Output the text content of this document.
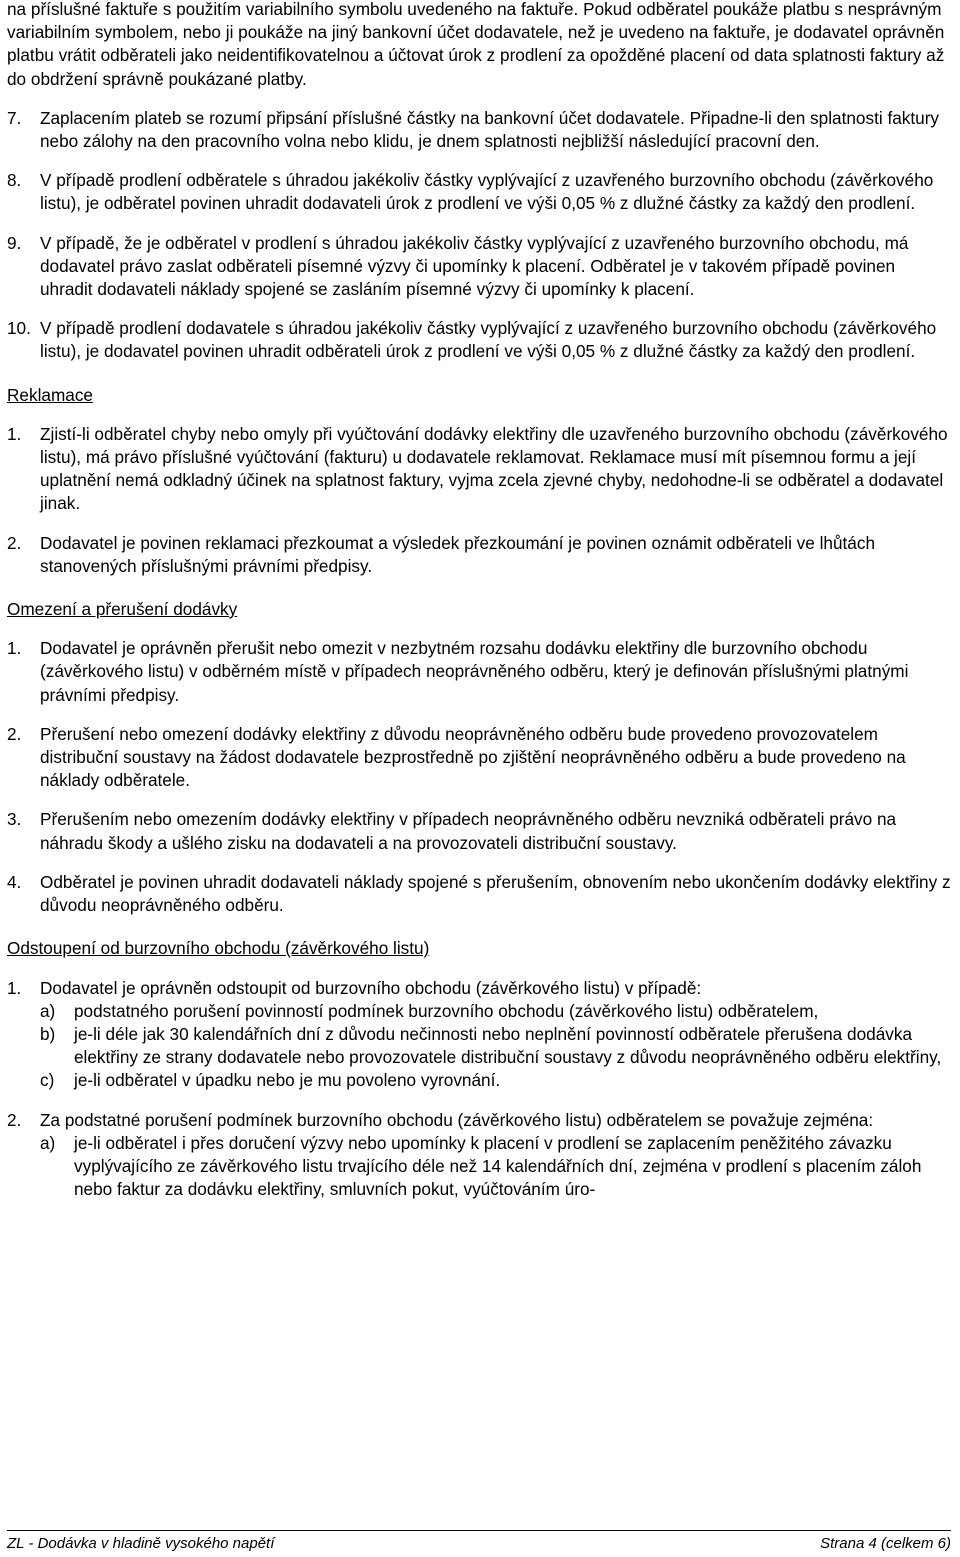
na příslušné faktuře s použitím variabilního symbolu uvedeného na faktuře. Pokud odběratel poukáže platbu s nesprávným variabilním symbolem, nebo ji poukáže na jiný bankovní účet dodavatele, než je uvedeno na faktuře, je dodavatel oprávněn platbu vrátit odběrateli jako neidentifikovatelnou a účtovat úrok z prodlení za opožděné placení od data splatnosti faktury až do obdržení správně poukázané platby.

7.	Zaplacením plateb se rozumí připsání příslušné částky na bankovní účet dodavatele. Připadne-li den splatnosti faktury nebo zálohy na den pracovního volna nebo klidu, je dnem splatnosti nejbližší následující pracovní den.
8.	V případě prodlení odběratele s úhradou jakékoliv částky vyplývající z uzavřeného burzovního obchodu (závěrkového listu), je odběratel povinen uhradit dodavateli úrok z prodlení ve výši 0,05 % z dlužné částky za každý den prodlení.
9.	V případě, že je odběratel v prodlení s úhradou jakékoliv částky vyplývající z uzavřeného burzovního obchodu, má dodavatel právo zaslat odběrateli písemné výzvy či upomínky k placení. Odběratel je v takovém případě povinen uhradit dodavateli náklady spojené se zasláním písemné výzvy či upomínky k placení.
10. V případě prodlení dodavatele s úhradou jakékoliv částky vyplývající z uzavřeného burzovního obchodu (závěrkového listu), je dodavatel povinen uhradit odběrateli úrok z prodlení ve výši 0,05 % z dlužné částky za každý den prodlení.
Reklamace
1.	Zjistí-li odběratel chyby nebo omyly při vyúčtování dodávky elektřiny dle uzavřeného burzovního obchodu (závěrkového listu), má právo příslušné vyúčtování (fakturu) u dodavatele reklamovat. Reklamace musí mít písemnou formu a její uplatnění nemá odkladný účinek na splatnost faktury, vyjma zcela zjevné chyby, nedohodne-li se odběratel a dodavatel jinak.
2.	Dodavatel je povinen reklamaci přezkoumat a výsledek přezkoumání je povinen oznámit odběrateli ve lhůtách stanovených příslušnými právními předpisy.
Omezení a přerušení dodávky
1.	Dodavatel je oprávněn přerušit nebo omezit v nezbytném rozsahu dodávku elektřiny dle burzovního obchodu (závěrkového listu) v odběrném místě v případech neoprávněného odběru, který je definován příslušnými platnými právními předpisy.
2.	Přerušení nebo omezení dodávky elektřiny z důvodu neoprávněného odběru bude provedeno provozovatelem distribuční soustavy na žádost dodavatele bezprostředně po zjištění neoprávněného odběru a bude provedeno na náklady odběratele.
3.	Přerušením nebo omezením dodávky elektřiny v případech neoprávněného odběru nevzniká odběrateli právo na náhradu škody a ušlého zisku na dodavateli a na provozovateli distribuční soustavy.
4.	Odběratel je povinen uhradit dodavateli náklady spojené s přerušením, obnovením nebo ukončením dodávky elektřiny z důvodu neoprávněného odběru.
Odstoupení od burzovního obchodu (závěrkového listu)
1.	Dodavatel je oprávněn odstoupit od burzovního obchodu (závěrkového listu) v případě:
a)	podstatného porušení povinností podmínek burzovního obchodu (závěrkového listu) odběratelem,
b)	je-li déle jak 30 kalendářních dní z důvodu nečinnosti nebo neplnění povinností odběratele přerušena dodávka elektřiny ze strany dodavatele nebo provozovatele distribuční soustavy z důvodu neoprávněného odběru elektřiny,
c)	je-li odběratel v úpadku nebo je mu povoleno vyrovnání.
2.	Za podstatné porušení podmínek burzovního obchodu (závěrkového listu) odběratelem se považuje zejména:
a)	je-li odběratel i přes doručení výzvy nebo upomínky k placení v prodlení se zaplacením peněžitého závazku vyplývajícího ze závěrkového listu trvajícího déle než 14 kalendářních dní, zejména v prodlení s placením záloh nebo faktur za dodávku elektřiny, smluvních pokut, vyúčtováním úro-
ZL - Dodávka v hladině vysokého napětí	Strana 4 (celkem 6)
